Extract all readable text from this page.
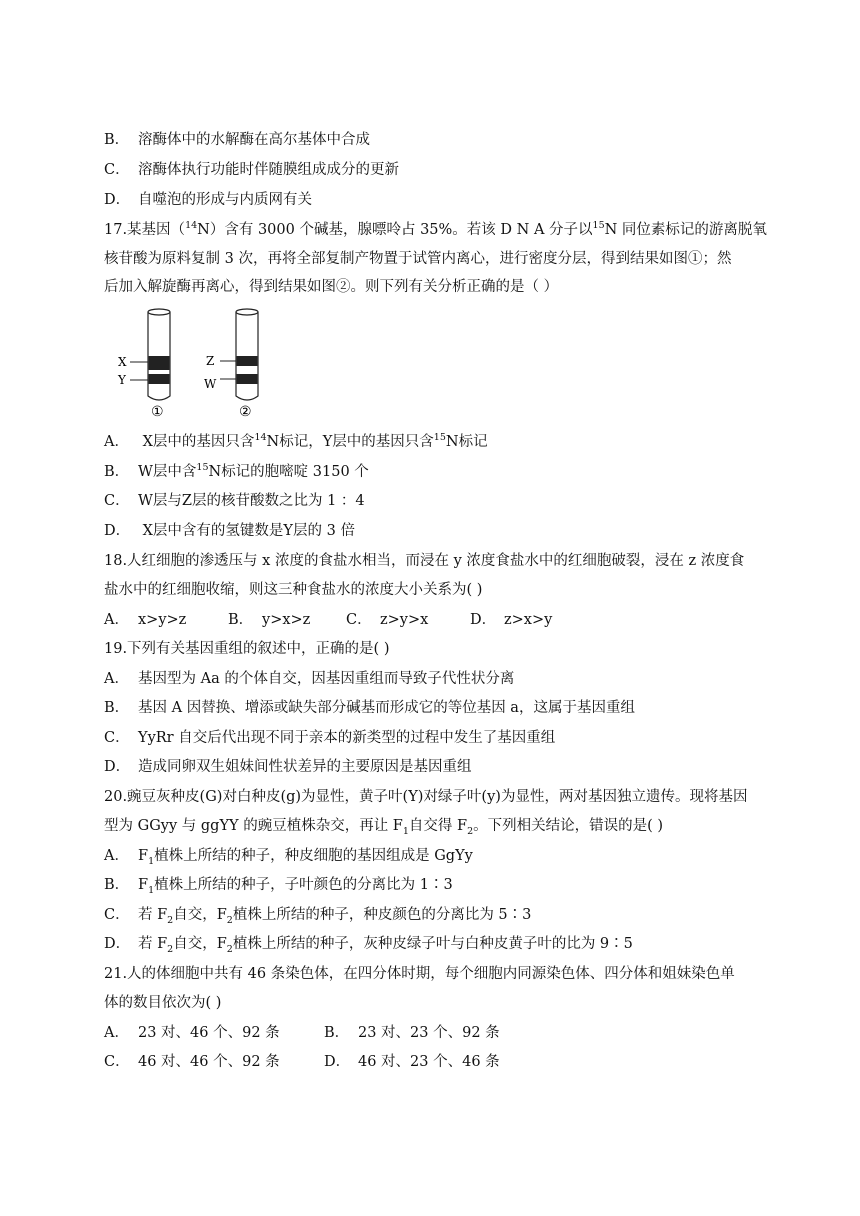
B． 溶酶体中的水解酶在高尔基体中合成
C． 溶酶体执行功能时伴随膜组成成分的更新
D． 自噬泡的形成与内质网有关
17.某基因（$^{14}$N）含有 3000 个碱基，腺嘌呤占 35%。若该 D N A 分子以$^{15}$N 同位素标记的游离脱氧
核苷酸为原料复制 3 次，再将全部复制产物置于试管内离心，进行密度分层，得到结果如图①；然
后加入解旋酶再离心，得到结果如图②。则下列有关分析正确的是（ ）
X
Y
①
Z
W
②
A． X层中的基因只含$^{14}$N标记，Y层中的基因只含$^{15}$N标记
B． W层中含$^{15}$N标记的胞嘧啶 3150 个
C． W层与Z层的核苷酸数之比为 1 ：4
D． X层中含有的氢键数是Y层的 3 倍
18.人红细胞的渗透压与 x 浓度的食盐水相当，而浸在 y 浓度食盐水中的红细胞破裂，浸在 z 浓度食
盐水中的红细胞收缩，则这三种食盐水的浓度大小关系为( )
A． x>y>z	B． y>x>z C． z>y>x	D． z>x>y
19.下列有关基因重组的叙述中，正确的是( )
A． 基因型为 Aa 的个体自交，因基因重组而导致子代性状分离
B． 基因 A 因替换、增添或缺失部分碱基而形成它的等位基因 a，这属于基因重组
C． YyRr 自交后代出现不同于亲本的新类型的过程中发生了基因重组
D． 造成同卵双生姐妹间性状差异的主要原因是基因重组
20.豌豆灰种皮(G)对白种皮(g)为显性，黄子叶(Y)对绿子叶(y)为显性，两对基因独立遗传。现将基因
型为 GGyy 与 ggYY 的豌豆植株杂交，再让 $F_1$自交得 $F_2$。下列相关结论，错误的是( )
A． $F_1$植株上所结的种子，种皮细胞的基因组成是 GgYy
B． $F_1$植株上所结的种子，子叶颜色的分离比为 1∶3
C． 若 $F_2$自交，$F_2$植株上所结的种子，种皮颜色的分离比为 5∶3
D． 若 $F_2$自交，$F_2$植株上所结的种子，灰种皮绿子叶与白种皮黄子叶的比为 9∶5
21.人的体细胞中共有 46 条染色体，在四分体时期，每个细胞内同源染色体、四分体和姐妹染色单
体的数目依次为( )
A． 23 对、46 个、92 条	B． 23 对、23 个、92 条
C． 46 对、46 个、92 条	D． 46 对、23 个、46 条
